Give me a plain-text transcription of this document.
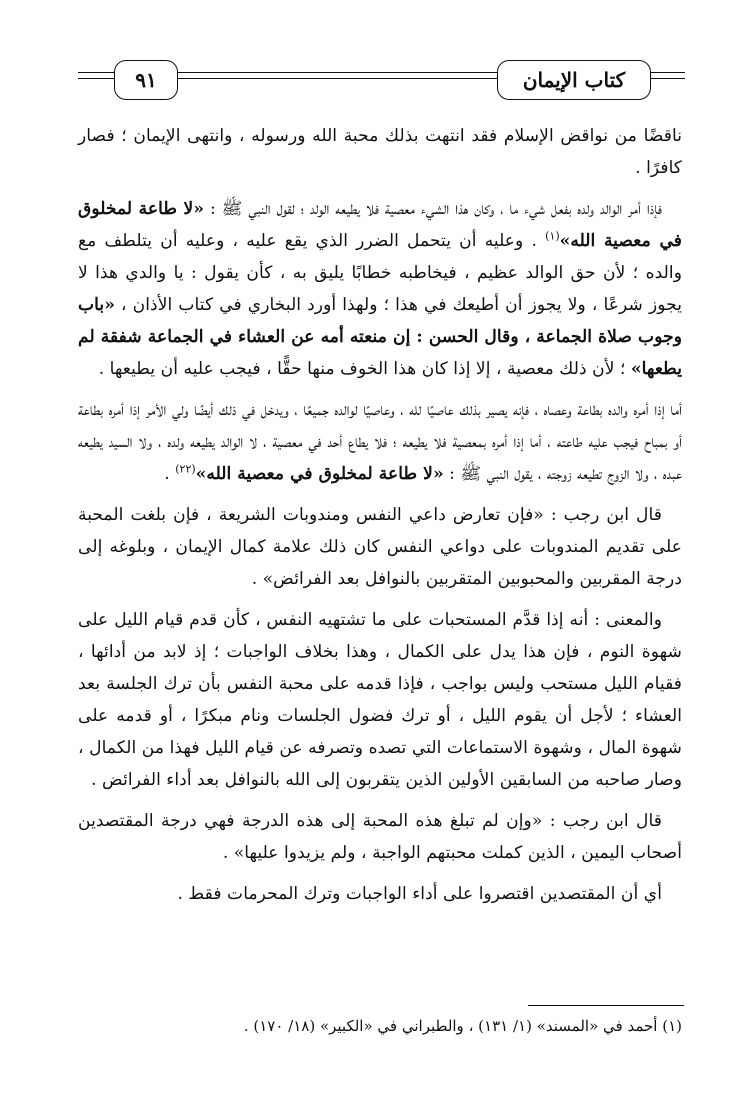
كتاب الإيمان
٩١

ناقضًا من نواقض الإسلام فقد انتهت بذلك محبة الله ورسوله ، وانتهى الإيمان ؛ فصار كافرًا .

فإذا أمر الوالد ولده بفعل شيء ما ، وكان هذا الشيء معصية فلا يطيعه الولد ؛ لقول النبي ﷺ : «لا طاعة لمخلوق في معصية الله»$^{(١)}$ . وعليه أن يتحمل الضرر الذي يقع عليه ، وعليه أن يتلطف مع والده ؛ لأن حق الوالد عظيم ، فيخاطبه خطابًا يليق به ، كأن يقول : يا والدي هذا لا يجوز شرعًا ، ولا يجوز أن أطيعك في هذا ؛ ولهذا أورد البخاري في كتاب الأذان ، «باب وجوب صلاة الجماعة ، وقال الحسن : إن منعته أمه عن العشاء في الجماعة شفقة لم يطعها» ؛ لأن ذلك معصية ، إلا إذا كان هذا الخوف منها حقًّا ، فيجب عليه أن يطيعها .

أما إذا أمره والده بطاعة وعصاه ، فإنه يصير بذلك عاصيًا لله ، وعاصيًا لوالده جميعًا ، ويدخل في ذلك أيضًا ولي الأمر إذا أمره بطاعة أو بمباح فيجب عليه طاعته ، أما إذا أمره بمعصية فلا يطيعه ؛ فلا يطاع أحد في معصية ، لا الوالد يطيعه ولده ، ولا السيد يطيعه عبده ، ولا الزوج تطيعه زوجته ، يقول النبي ﷺ : «لا طاعة لمخلوق في معصية الله»$^{(٢٢)}$ .

قال ابن رجب : «فإن تعارض داعي النفس ومندوبات الشريعة ، فإن بلغت المحبة على تقديم المندوبات على دواعي النفس كان ذلك علامة كمال الإيمان ، وبلوغه إلى درجة المقربين والمحبوبين المتقربين بالنوافل بعد الفرائض» .

والمعنى : أنه إذا قدَّم المستحبات على ما تشتهيه النفس ، كأن قدم قيام الليل على شهوة النوم ، فإن هذا يدل على الكمال ، وهذا بخلاف الواجبات ؛ إذ لابد من أدائها ، فقيام الليل مستحب وليس بواجب ، فإذا قدمه على محبة النفس بأن ترك الجلسة بعد العشاء ؛ لأجل أن يقوم الليل ، أو ترك فضول الجلسات ونام مبكرًا ، أو قدمه على شهوة المال ، وشهوة الاستماعات التي تصده وتصرفه عن قيام الليل فهذا من الكمال ، وصار صاحبه من السابقين الأولين الذين يتقربون إلى الله بالنوافل بعد أداء الفرائض .

قال ابن رجب : «وإن لم تبلغ هذه المحبة إلى هذه الدرجة فهي درجة المقتصدين أصحاب اليمين ، الذين كملت محبتهم الواجبة ، ولم يزيدوا عليها» .

أي أن المقتصدين اقتصروا على أداء الواجبات وترك المحرمات فقط .

(١) أحمد في «المسند» (١/ ١٣١) ، والطبراني في «الكبير» (١٨/ ١٧٠) .
